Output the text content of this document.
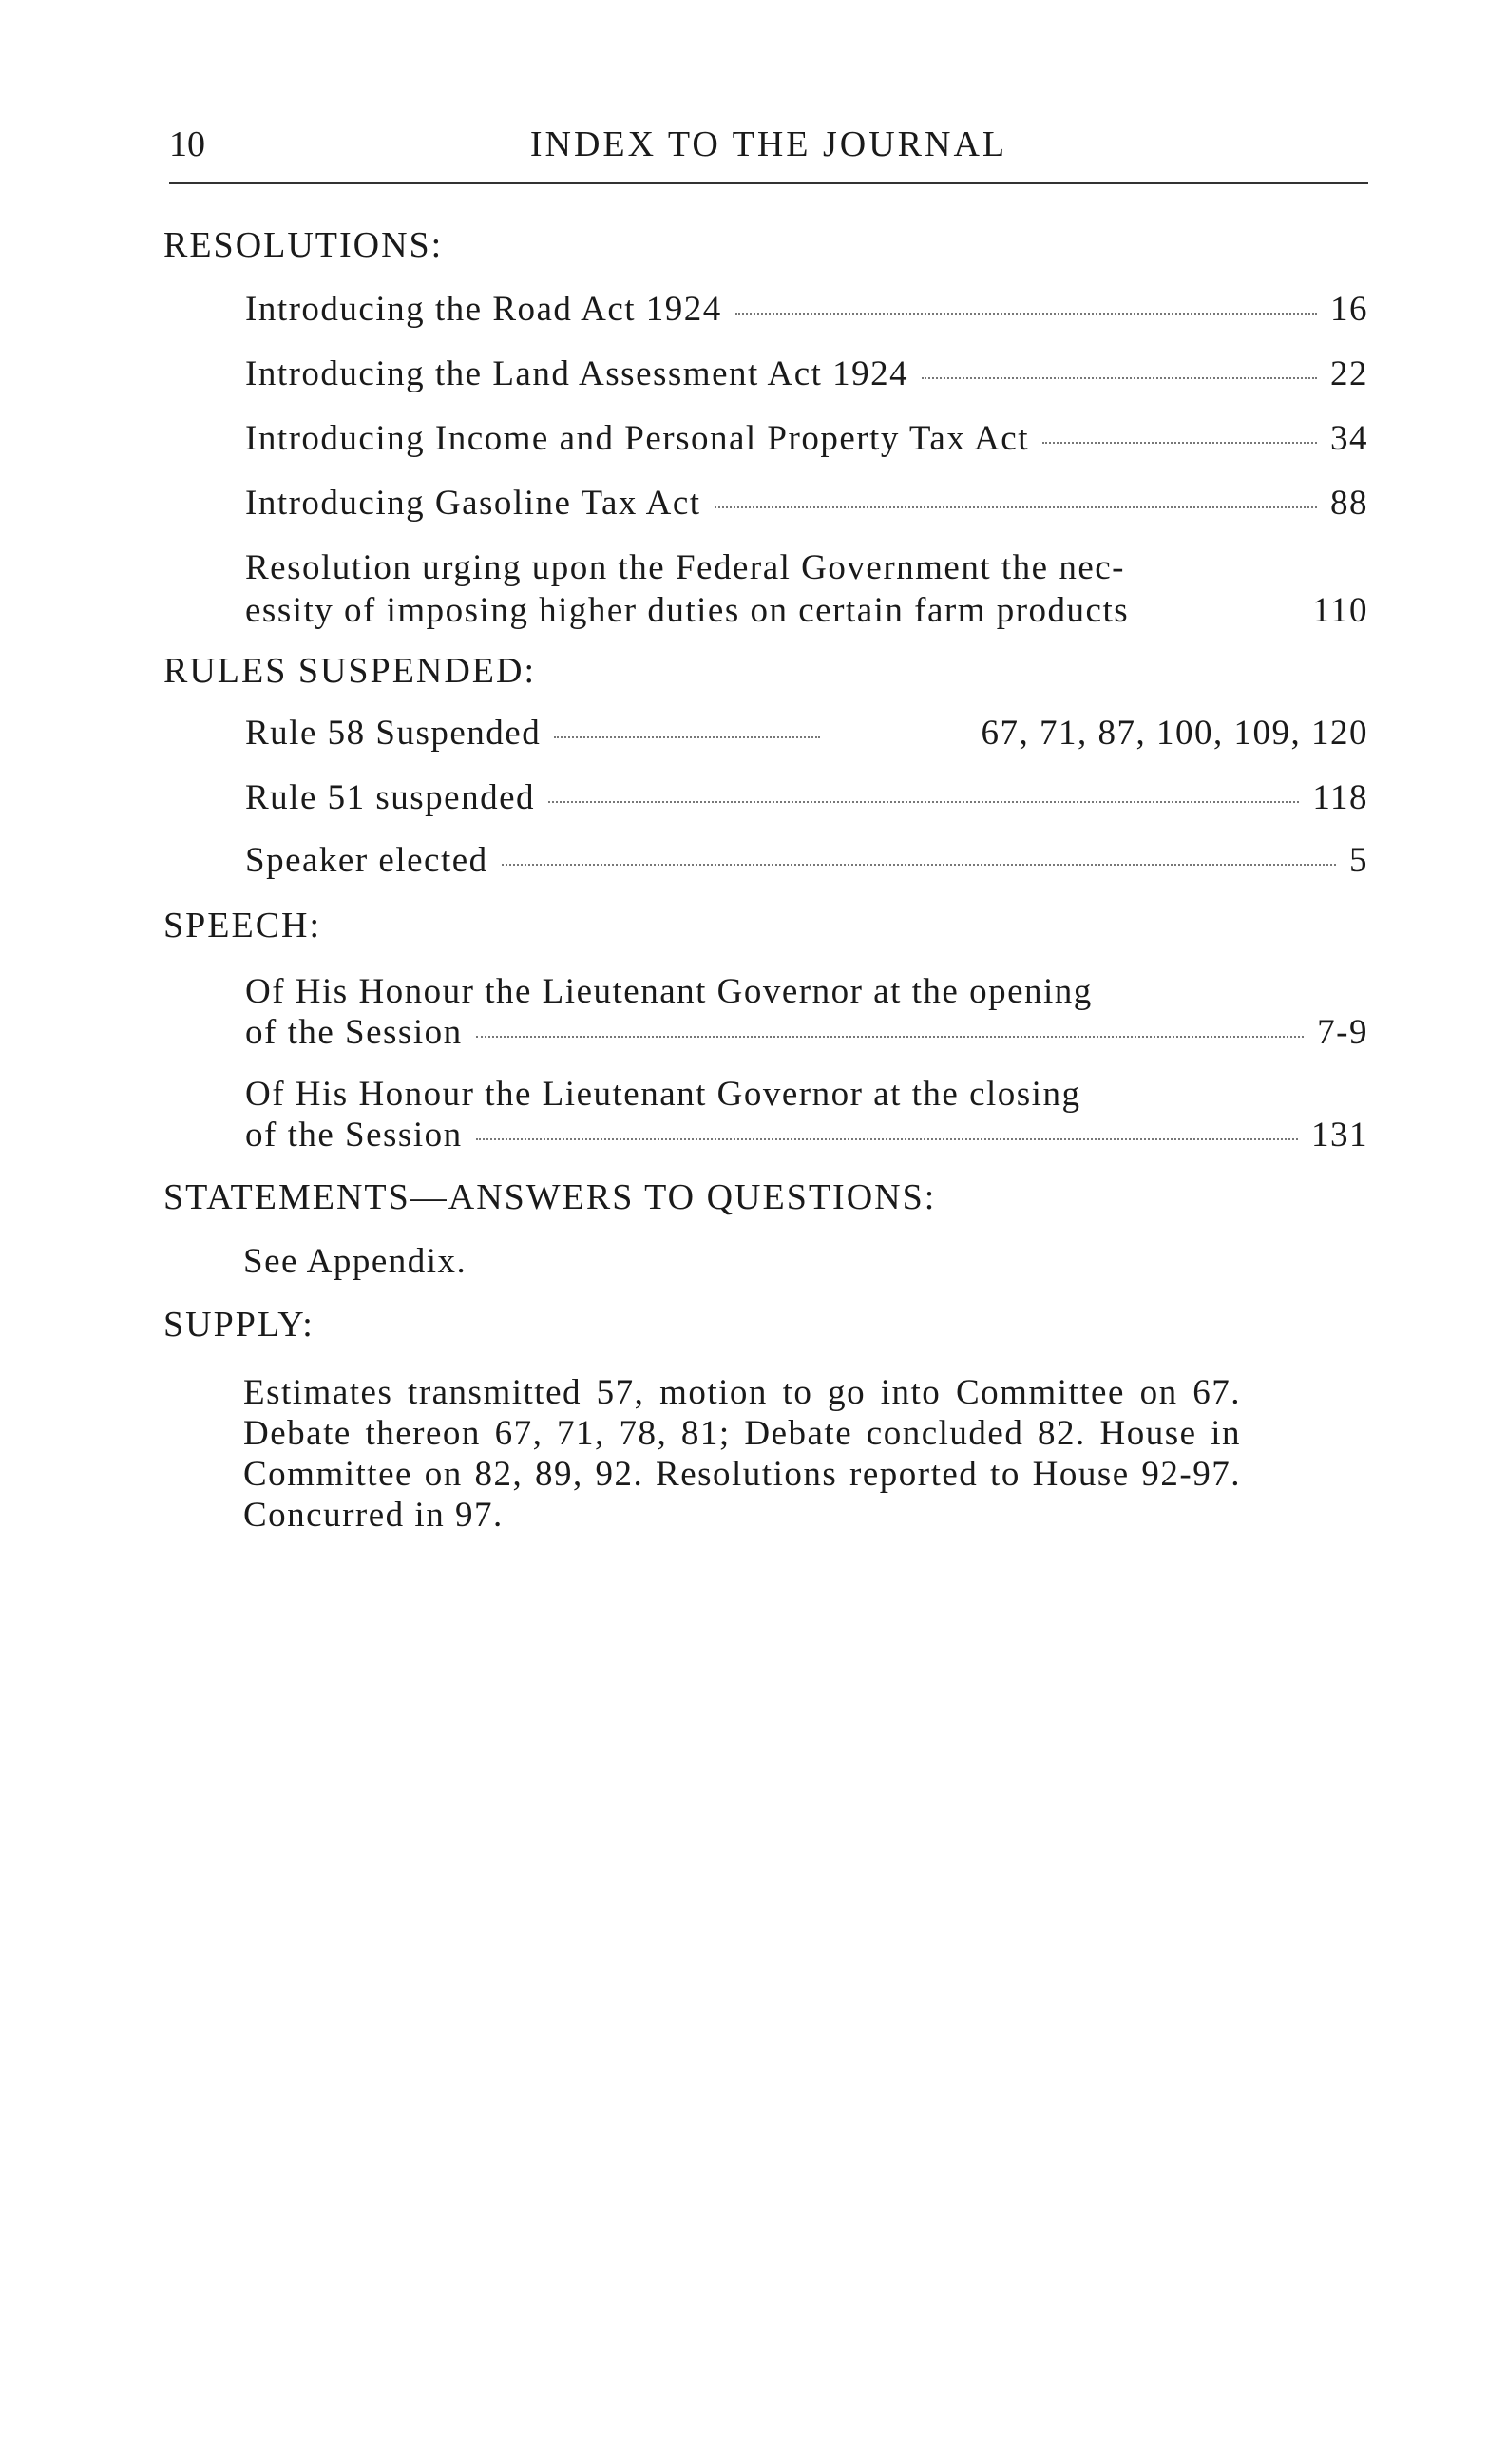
10	INDEX TO THE JOURNAL
RESOLUTIONS:
Introducing the Road Act 1924	16
Introducing the Land Assessment Act 1924	22
Introducing Income and Personal Property Tax Act	34
Introducing Gasoline Tax Act	88
Resolution urging upon the Federal Government the nec-
essity of imposing higher duties on certain farm products	110
RULES SUSPENDED:
Rule 58 Suspended	67, 71, 87, 100, 109, 120
Rule 51 suspended	118
Speaker elected	5
SPEECH:
Of His Honour the Lieutenant Governor at the opening
of the Session	7-9
Of His Honour the Lieutenant Governor at the closing
of the Session	131
STATEMENTS—ANSWERS TO QUESTIONS:
See Appendix.
SUPPLY:
Estimates transmitted 57, motion to go into Committee on 67. Debate thereon 67, 71, 78, 81; Debate concluded 82. House in Committee on 82, 89, 92. Resolutions reported to House 92-97. Concurred in 97.
